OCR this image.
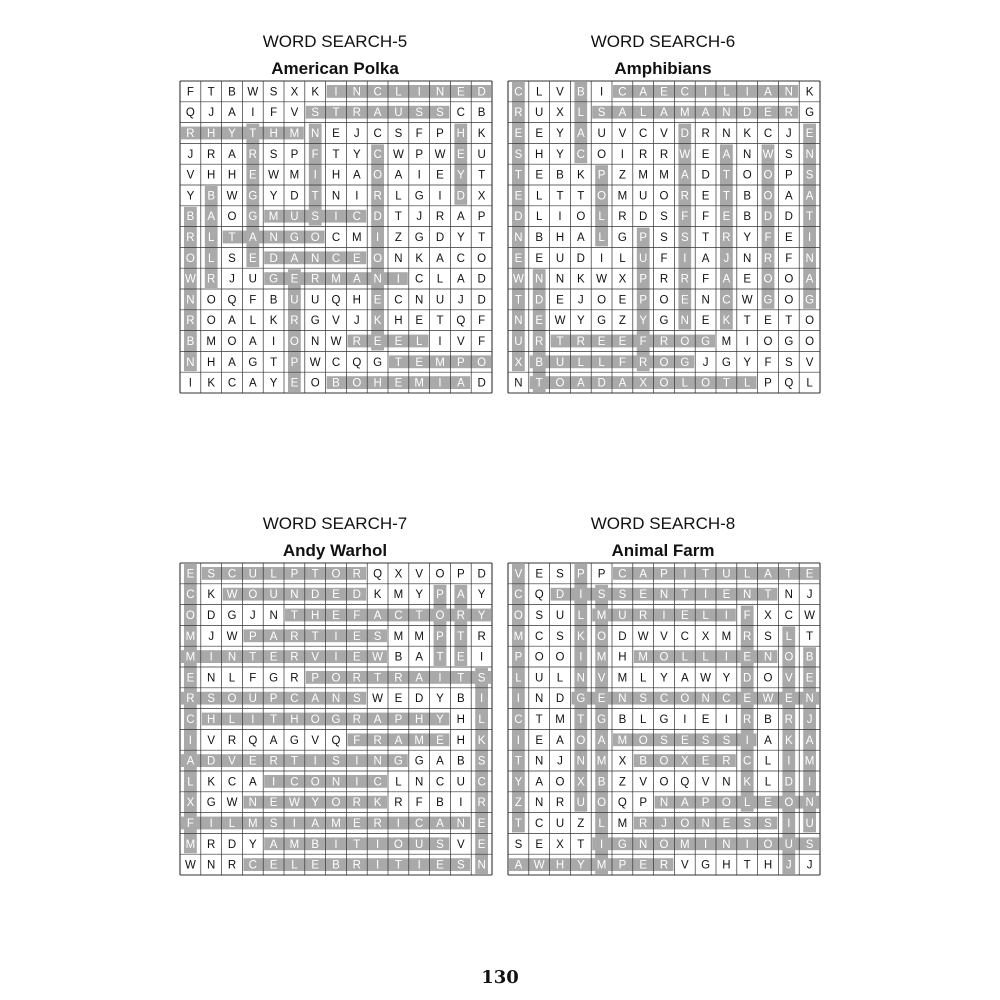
WORD SEARCH-5
American Polka
F T B W S X K I N C L I N E D
Q J A I F V S T R A U S S C B
R H Y T H M N E J C S F P H K
J R A R S P F T Y C W P W E U
V H H E W M I H A O A I E Y T
Y B W G Y D T N I R L G I D X
B A O G M U S I C D T J R A P
R L T A N G O C M I Z G D Y T
O L S E D A N C E O N K A C O
W R J U G E R M A N I C L A D
N O Q F B U U Q H E C N U J D
R O A L K R G V J K H E T Q F
B M O A I O N W R E E L I V F
N H A G T P W C Q G T E M P O
I K C A Y E O B O H E M I A D
WORD SEARCH-6
Amphibians
C L V B I C A E C I L I A N K
R U X L S A L A M A N D E R G
E E Y A U V C V D R N K C J E
S H Y C O I R R W E A N W S N
T E B K P Z M M A D T O O P S
E L T T O M U O R E T B O A A
D L I O L R D S F F E B D D T
N B H A L G P S S T R Y F E I
E E U D I L U F I A J N R F N
W N N K W X P R R F A E O O A
T D E J O E P O E N C W G O G
N E W Y G Z Y G N E K T E T O
U R T R E E F R O G M I O G O
X B U L L F R O G J G Y F S V
N T O A D A X O L O T L P Q L
WORD SEARCH-7
Andy Warhol
E S C U L P T O R Q X V O P D
C K W O U N D E D K M Y P A Y
O D G J N T H E F A C T O R Y
M J W P A R T I E S M M P T R
M I N T E R V I E W B A T E I
E N L F G R P O R T R A I T S
R S O U P C A N S W E D Y B I
C H L I T H O G R A P H Y H L
I V R Q A G V Q F R A M E H K
A D V E R T I S I N G G A B S
L K C A I C O N I C L N C U C
X G W N E W Y O R K R F B I R
F I L M S I A M E R I C A N E
M R D Y A M B I T I O U S V E
W N R C E L E B R I T I E S N
WORD SEARCH-8
Animal Farm
V E S P P C A P I T U L A T E
C Q D I S S E N T I E N T N J
O S U L M U R I E L I F X C W
M C S K O D W V C X M R S L T
P O O I M H M O L L I E N O B
L U L N V M L Y A W Y D O V E
I N D G E N S C O N C E W E N
C T M T G B L G I E I R B R J
I E A O A M O S E S S I A K A
T N J N M X B O X E R C L I M
Y A O X B Z V O Q V N K L D I
Z N R U O Q P N A P O L E O N
T C U Z L M R J O N E S S I U
S E X T I G N O M I N I O U S
A W H Y M P E R V G H T H J J
130
